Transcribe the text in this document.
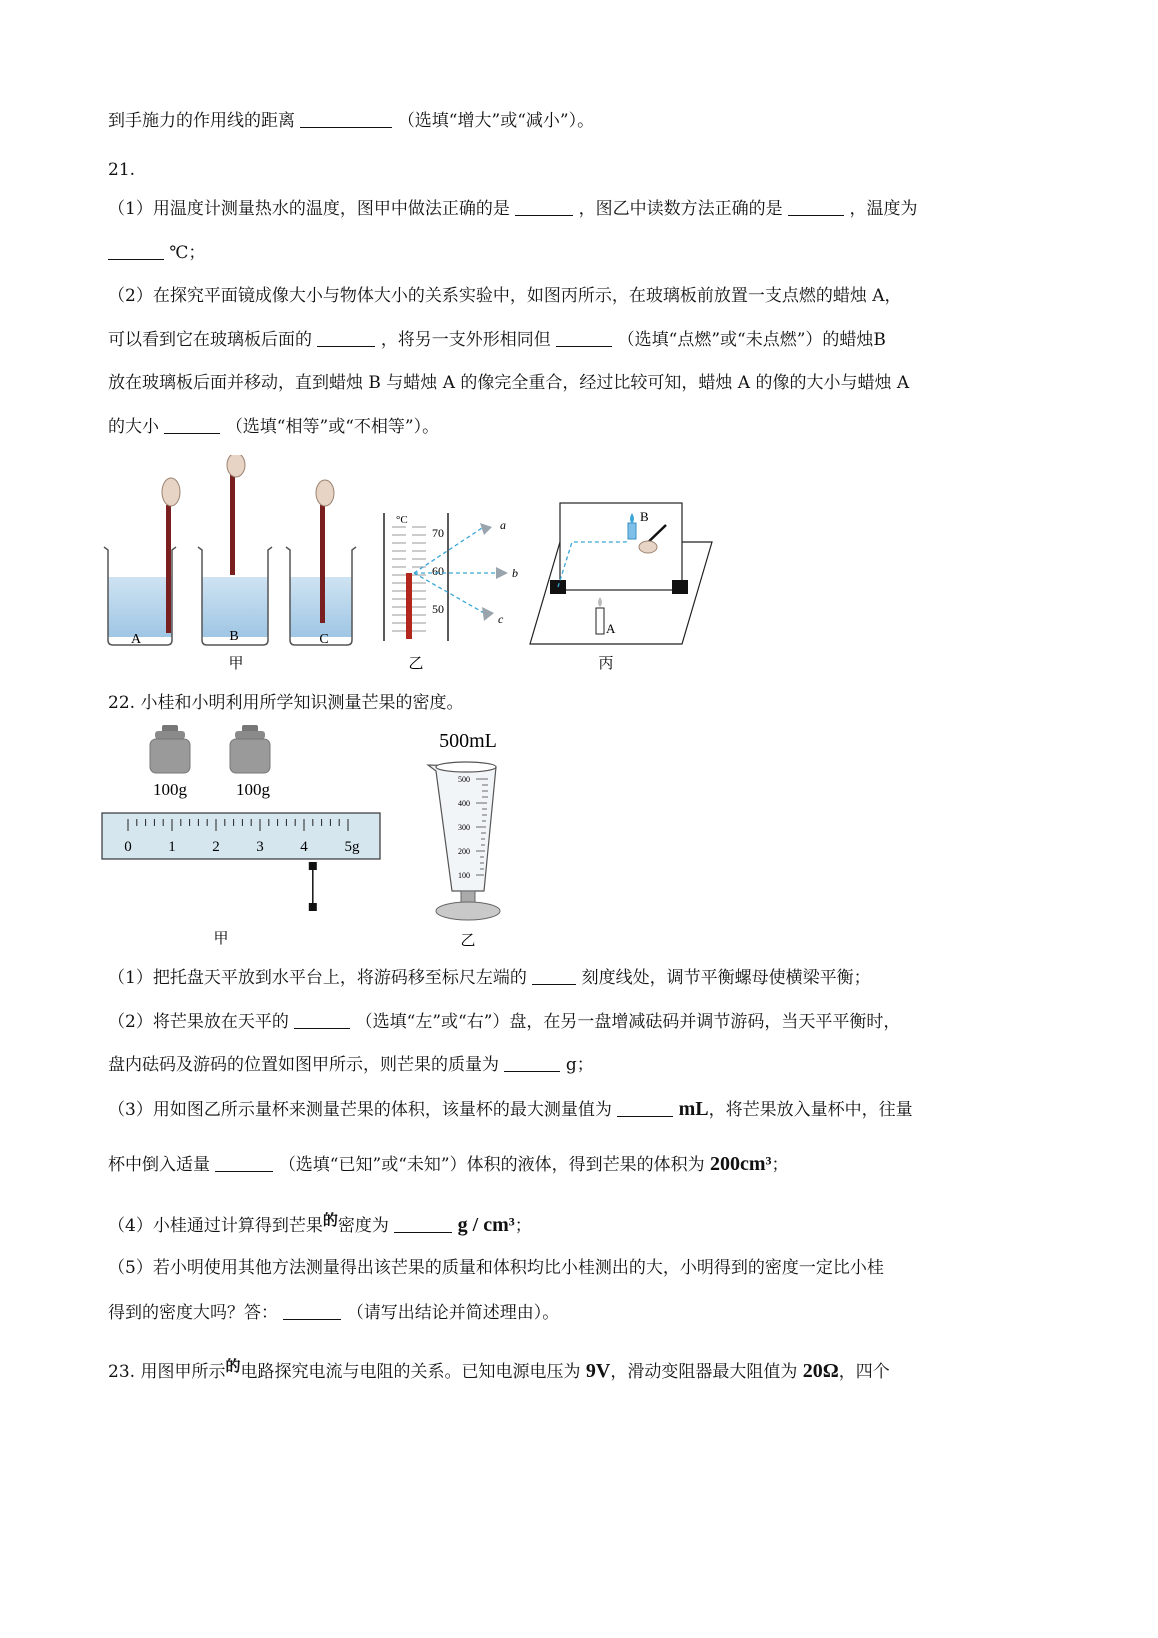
到手施力的作用线的距离	（选填“增大”或“减小”）。
21.
（1）用温度计测量热水的温度，图甲中做法正确的是	，图乙中读数方法正确的是	，温度为
℃；
（2）在探究平面镜成像大小与物体大小的关系实验中，如图丙所示，在玻璃板前放置一支点燃的蜡烛 A，
可以看到它在玻璃板后面的	，将另一支外形相同但	（选填“点燃”或“未点燃”）的蜡烛B
放在玻璃板后面并移动，直到蜡烛 B 与蜡烛 A 的像完全重合，经过比较可知，蜡烛 A 的像的大小与蜡烛 A
的大小	（选填“相等”或“不相等”）。
A	B	C
甲
°C
70
60
50
a
b
c
乙
B
A
丙
22. 小桂和小明利用所学知识测量芒果的密度。
100g	100g
0 1 2 3 4 5g
甲
500mL
500
400
300
200
100
乙
（1）把托盘天平放到水平台上，将游码移至标尺左端的	刻度线处，调节平衡螺母使横梁平衡；
（2）将芒果放在天平的	（选填“左”或“右”）盘，在另一盘增减砝码并调节游码，当天平平衡时，
盘内砝码及游码的位置如图甲所示，则芒果的质量为	g；
（3）用如图乙所示量杯来测量芒果的体积，该量杯的最大测量值为	mL，将芒果放入量杯中，往量
杯中倒入适量	（选填“已知”或“未知”）体积的液体，得到芒果的体积为 200cm³；
（4）小桂通过计算得到芒果的密度为	g / cm³；
（5）若小明使用其他方法测量得出该芒果的质量和体积均比小桂测出的大，小明得到的密度一定比小桂
得到的密度大吗？答：	（请写出结论并简述理由）。
23. 用图甲所示的电路探究电流与电阻的关系。已知电源电压为 9V，滑动变阻器最大阻值为 20Ω，四个
